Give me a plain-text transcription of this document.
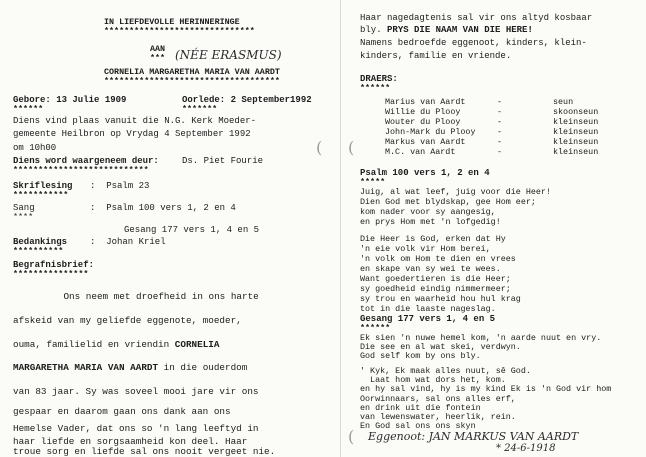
IN LIEFDEVOLLE HERINNERINGE
******************************
AAN
*** (NÉE ERASMUS)
CORNELIA MARGARETHA MARIA VAN AARDT
***********************************
Gebore: 13 Julie 1909
******
Oorlede: 2 September1992
*******
Diens vind plaas vanuit die N.G. Kerk Moeder-
gemeente Heilbron op Vrydag 4 September 1992
om 10h00
Diens word waargeneem deur:	Ds. Piet Fourie
***************************
Skriflesing :  Psalm 23
***********
Sang	:  Psalm 100 vers 1, 2 en 4
****
Gesang 177 vers 1, 4 en 5
Bedankings	:  Johan Kriel
**********
Begrafnisbrief:
***************
Ons neem met droefheid in ons harte
afskeid van my geliefde eggenote, moeder,
ouma, familielid en vriendin CORNELIA
MARGARETHA MARIA VAN AARDT in die ouderdom
van 83 jaar. Sy was soveel mooi jare vir ons
gespaar en daarom gaan ons dank aan ons
Hemelse Vader, dat ons so 'n lang leeftyd in
haar liefde en sorgsaamheid kon deel. Haar
troue sorg en liefde sal ons nooit vergeet nie.
( (
(
Haar nagedagtenis sal vir ons altyd kosbaar
bly. PRYS DIE NAAM VAN DIE HERE!
Namens bedroefde eggenoot, kinders, klein-
kinders, familie en vriende.
DRAERS:
******
Marius van Aardt	-	seun
Willie du Plooy	-	skoonseun
Wouter du Plooy	-	kleinseun
John-Mark du Plooy	-	kleinseun
Markus van Aardt	-	kleinseun
M.C. van Aardt	-	kleinseun
Psalm 100 vers 1, 2 en 4
*****
Juig, al wat leef, juig voor die Heer!
Dien God met blydskap, gee Hom eer;
kom nader voor sy aangesig,
en prys Hom met 'n lofgedig!
Die Heer is God, erken dat Hy
'n eie volk vir Hom berei,
'n volk om Hom te dien en vrees
en skape van sy wei te wees.
Want goedertieren is die Heer;
sy goedheid eindig nimmermeer;
sy trou en waarheid hou hul krag
tot in die laaste nageslag.
Gesang 177 vers 1, 4 en 5
******
Ek sien 'n nuwe hemel kom, 'n aarde nuut en vry.
Die see en al wat skei, verdwyn.
God self kom by ons bly.
' Kyk, Ek maak alles nuut, sê God.
Laat hom wat dors het, kom.
en hy sal vind, hy is my kind Ek is 'n God vir hom
Oorwinnaars, sal ons alles erf,
en drink uit die fontein
van lewenswater, heerlik, rein.
En God sal ons ons skyn
Eggenoot: JAN MARKUS VAN AARDT
* 24-6-1918
